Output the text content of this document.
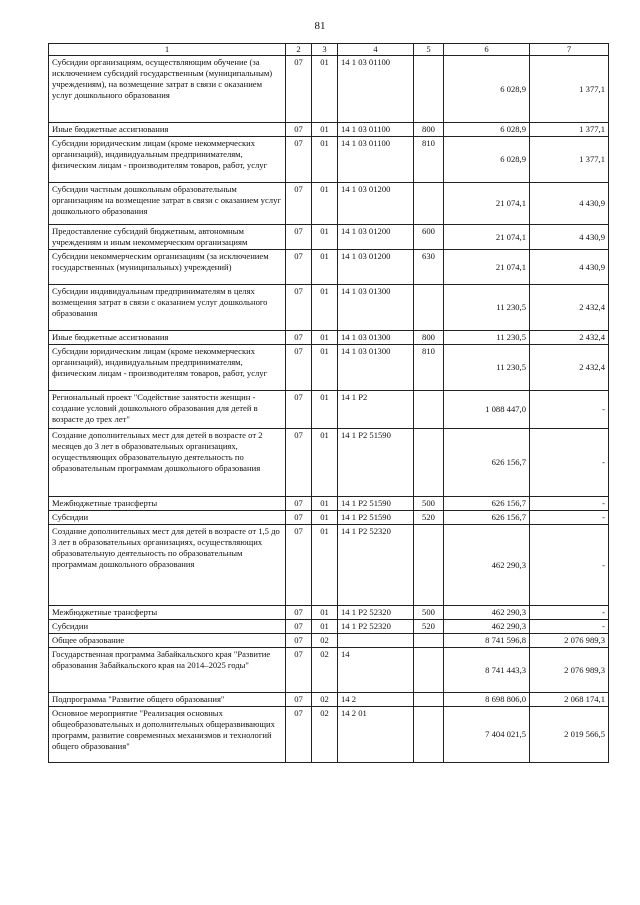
81
1	2	3	4	5	6	7
Субсидии организациям, осуществляющим обучение (за исключением субсидий государственным (муниципальным) учреждениям), на возмещение затрат в связи с оказанием услуг дошкольного образования	07	01	14 1 03 01100		6 028,9	1 377,1
Иные бюджетные ассигнования	07	01	14 1 03 01100	800	6 028,9	1 377,1
Субсидии юридическим лицам (кроме некоммерческих организаций), индивидуальным предпринимателям, физическим лицам - производителям товаров, работ, услуг	07	01	14 1 03 01100	810	6 028,9	1 377,1
Субсидии частным дошкольным образовательным организациям на возмещение затрат в связи с оказанием услуг дошкольного образования	07	01	14 1 03 01200		21 074,1	4 430,9
Предоставление субсидий бюджетным, автономным учреждениям и иным некоммерческим организациям	07	01	14 1 03 01200	600	21 074,1	4 430,9
Субсидии некоммерческим организациям (за исключением государственных (муниципальных) учреждений)	07	01	14 1 03 01200	630	21 074,1	4 430,9
Субсидии индивидуальным предпринимателям в целях возмещения затрат в связи с оказанием услуг дошкольного образования	07	01	14 1 03 01300		11 230,5	2 432,4
Иные бюджетные ассигнования	07	01	14 1 03 01300	800	11 230,5	2 432,4
Субсидии юридическим лицам (кроме некоммерческих организаций), индивидуальным предпринимателям, физическим лицам - производителям товаров, работ, услуг	07	01	14 1 03 01300	810	11 230,5	2 432,4
Региональный проект "Содействие занятости женщин - создание условий дошкольного образования для детей в возрасте до трех лет"	07	01	14 1 P2		1 088 447,0	-
Создание дополнительных мест для детей в возрасте от 2 месяцев до 3 лет в образовательных организациях, осуществляющих образовательную деятельность по образовательным программам дошкольного образования	07	01	14 1 P2 51590		626 156,7	-
Межбюджетные трансферты	07	01	14 1 P2 51590	500	626 156,7	-
Субсидии	07	01	14 1 P2 51590	520	626 156,7	-
Создание дополнительных мест для детей в возрасте от 1,5 до 3 лет в образовательных организациях, осуществляющих образовательную деятельность по образовательным программам дошкольного образования	07	01	14 1 P2 52320		462 290,3	-
Межбюджетные трансферты	07	01	14 1 P2 52320	500	462 290,3	-
Субсидии	07	01	14 1 P2 52320	520	462 290,3	-
Общее образование	07	02			8 741 596,8	2 076 989,3
Государственная программа Забайкальского края "Развитие образования Забайкальского края на 2014–2025 годы"	07	02	14		8 741 443,3	2 076 989,3
Подпрограмма "Развитие общего образования"	07	02	14 2		8 698 806,0	2 068 174,1
Основное мероприятие "Реализация основных общеобразовательных и дополнительных общеразвивающих программ, развитие современных механизмов и технологий общего образования"	07	02	14 2 01		7 404 021,5	2 019 566,5
